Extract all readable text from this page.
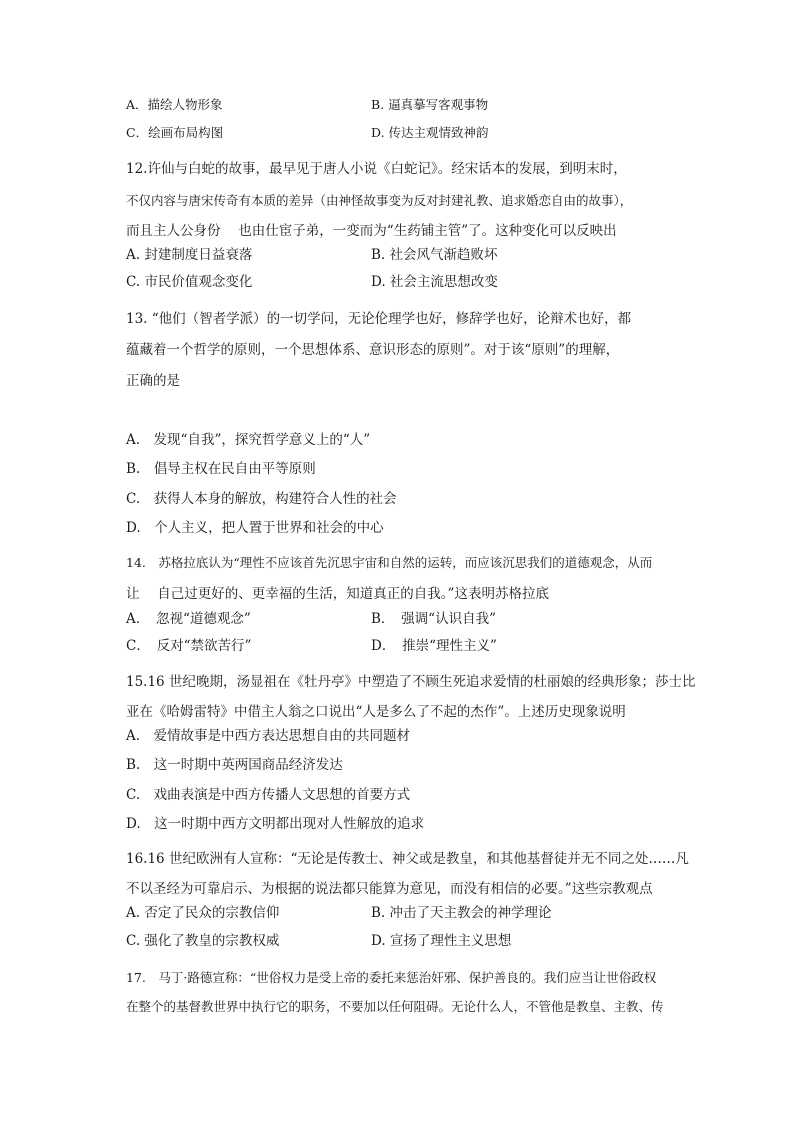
A．描绘人物形象	B. 逼真摹写客观事物
C．绘画布局构图	D. 传达主观情致神韵
12.许仙与白蛇的故事，最早见于唐人小说《白蛇记》。经宋话本的发展，到明末时，
不仅内容与唐宋传奇有本质的差异（由神怪故事变为反对封建礼教、追求婚恋自由的故事），
而且主人公身份　 也由仕宦子弟，一变而为“生药铺主管”了。这种变化可以反映出
A. 封建制度日益衰落	B. 社会风气渐趋败坏
C. 市民价值观念变化	D. 社会主流思想改变
13. “他们（智者学派）的一切学问，无论伦理学也好，修辞学也好，论辩术也好，都
蕴藏着一个哲学的原则，一个思想体系、意识形态的原则”。对于该“原则”的理解，
正确的是
A.　发现“自我”，探究哲学意义上的“人”
B.　倡导主权在民自由平等原则
C.　获得人本身的解放，构建符合人性的社会
D.　个人主义，把人置于世界和社会的中心
14.　苏格拉底认为“理性不应该首先沉思宇宙和自然的运转，而应该沉思我们的道德观念，从而
让　 自己过更好的、更幸福的生活，知道真正的自我。”这表明苏格拉底
A．　忽视“道德观念”	B．　强调“认识自我”
C．　反对“禁欲苦行”	D．　推崇“理性主义”
15.16 世纪晚期，汤显祖在《牡丹亭》中塑造了不顾生死追求爱情的杜丽娘的经典形象；莎士比
亚在《哈姆雷特》中借主人翁之口说出“人是多么了不起的杰作”。上述历史现象说明
A.　爱情故事是中西方表达思想自由的共同题材
B.　这一时期中英两国商品经济发达
C.　戏曲表演是中西方传播人文思想的首要方式
D.　这一时期中西方文明都出现对人性解放的追求
16.16 世纪欧洲有人宣称：“无论是传教士、神父或是教皇，和其他基督徒并无不同之处……凡
不以圣经为可靠启示、为根据的说法都只能算为意见，而没有相信的必要。”这些宗教观点
A. 否定了民众的宗教信仰	B. 冲击了天主教会的神学理论
C. 强化了教皇的宗教权威	D. 宣扬了理性主义思想
17.　马丁·路德宣称：“世俗权力是受上帝的委托来惩治奸邪、保护善良的。我们应当让世俗政权
在整个的基督教世界中执行它的职务，不要加以任何阻碍。无论什么人，不管他是教皇、主教、传
